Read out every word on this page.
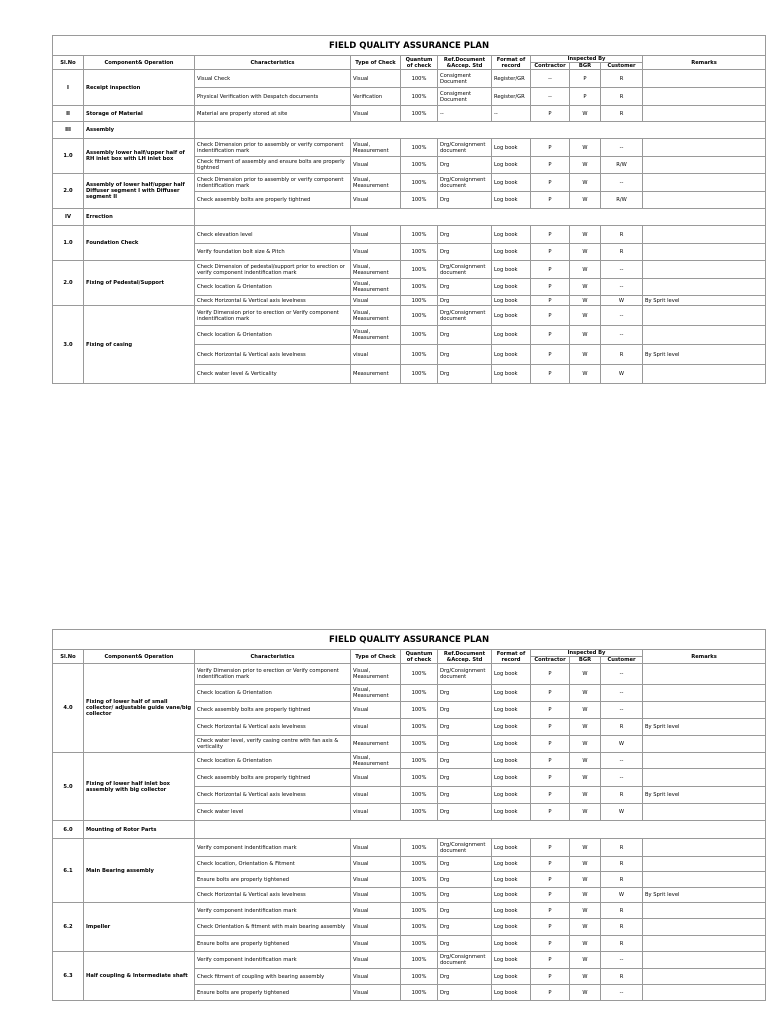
FIELD QUALITY ASSURANCE PLAN										
Sl.No	Component& Operation	Characteristics	Type of Check	Quantum of check	Ref.Document &Accep. Std	Format of record	Inspected By			Remarks
							Contractor	BGR	Customer	
I	Receipt inspection	Visual Check	Visual	100%	Consigment Document	Register/GR	--	P	R	
		Physical Verification with Despatch documents	Verification	100%	Consigment Document	Register/GR	--	P	R	
II	Storage of Material	Material are properly stored at site	Visual	100%	--	--	P	W	R	
III	Assembly									
1.0	Assembly lower half/upper half of RH inlet box with LH inlet box	Check Dimension prior to assembly or verify component indentification mark	Visual, Measurement	100%	Drg/Consignment document	Log book	P	W	--	
		Check fitment of assembly and ensure bolts are properly tightned	Visual	100%	Drg	Log book	P	W	R/W	
2.0	Assembly of lower half/upper half Diffuser segment I with Diffuser segment II	Check Dimension prior to assembly or verify component indentification mark	Visual, Measurement	100%	Drg/Consignment document	Log book	P	W	--	
		Check assembly bolts are properly tightned	Visual	100%	Drg	Log book	P	W	R/W	
IV	Errection									
1.0	Foundation Check	Check elevation level	Visual	100%	Drg	Log book	P	W	R	
		Verify foundation bolt size & Pitch	Visual	100%	Drg	Log book	P	W	R	
2.0	Fixing of Pedestal/Support	Check Dimension of pedestal/support prior to erection or verify component indentification mark	Visual, Measurement	100%	Drg/Consignment document	Log book	P	W	--	
		Check location & Orientation	Visual, Measurement	100%	Drg	Log book	P	W	--	
		Check Horizontal & Vertical axis levelness	Visual	100%	Drg	Log book	P	W	W	By Sprit level
3.0	Fixing of casing	Verify Dimension prior to erection or Verify component indentification mark	Visual, Measurement	100%	Drg/Consignment document	Log book	P	W	--	
		Check location & Orientation	Visual, Measurement	100%	Drg	Log book	P	W	--	
		Check Horizontal & Vertical axis levelness	visual	100%	Drg	Log book	P	W	R	By Sprit level
		Check water level & Verticality	Measurement	100%	Drg	Log book	P	W	W	
FIELD QUALITY ASSURANCE PLAN										
Sl.No	Component& Operation	Characteristics	Type of Check	Quantum of check	Ref.Document &Accep. Std	Format of record	Inspected By			Remarks
							Contractor	BGR	Customer	
4.0	Fixing of lower half of small collector/ adjustable guide vane/big collector	Verify Dimension prior to erection or Verify component indentification mark	Visual, Measurement	100%	Drg/Consignment document	Log book	P	W	--	
		Check location & Orientation	Visual, Measurement	100%	Drg	Log book	P	W	--	
		Check assembly bolts are properly tightned	Visual	100%	Drg	Log book	P	W	--	
		Check Horizontal & Vertical axis levelness	visual	100%	Drg	Log book	P	W	R	By Sprit level
		Check water level, verify casing centre with fan axis & verticality	Measurement	100%	Drg	Log book	P	W	W	
5.0	Fixing of lower half inlet box assembly with big collector	Check location & Orientation	Visual, Measurement	100%	Drg	Log book	P	W	--	
		Check assembly bolts are properly tightned	Visual	100%	Drg	Log book	P	W	--	
		Check Horizontal & Vertical axis levelness	visual	100%	Drg	Log book	P	W	R	By Sprit level
		Check water level	visual	100%	Drg	Log book	P	W	W	
6.0	Mounting of Rotor Parts									
6.1	Main Bearing assembly	Verify component indentification mark	Visual	100%	Drg/Consignment document	Log book	P	W	R	
		Check location, Orientation & Fitment	Visual	100%	Drg	Log book	P	W	R	
		Ensure bolts are properly tightened	Visual	100%	Drg	Log book	P	W	R	
		Check Horizontal & Vertical axis levelness	Visual	100%	Drg	Log book	P	W	W	By Sprit level
6.2	Impeller	Verify component indentification mark	Visual	100%	Drg	Log book	P	W	R	
		Check Orientation & fitment with main bearing assembly	Visual	100%	Drg	Log book	P	W	R	
		Ensure bolts are properly tightened	Visual	100%	Drg	Log book	P	W	R	
6.3	Half coupling & Intermediate shaft	Verify component indentification mark	Visual	100%	Drg/Consignment document	Log book	P	W	--	
		Check fitment of coupling with bearing assembly	Visual	100%	Drg	Log book	P	W	R	
		Ensure bolts are properly tightened	Visual	100%	Drg	Log book	P	W	--	
